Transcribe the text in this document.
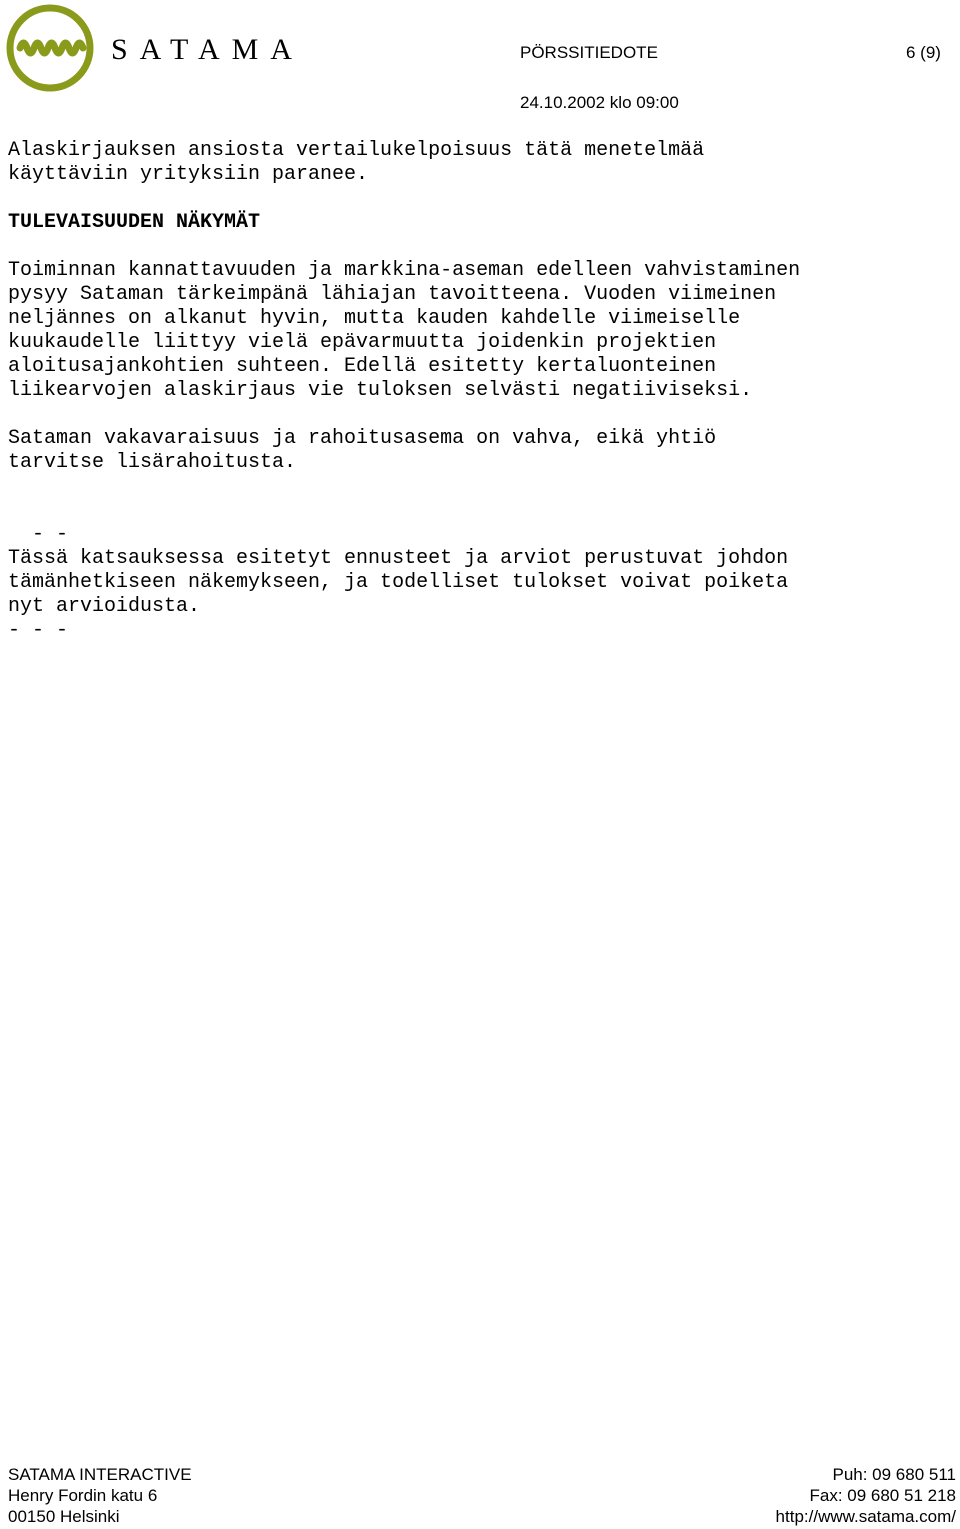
SATAMA	PÖRSSITIEDOTE	6 (9)
24.10.2002 klo 09:00

Alaskirjauksen ansiosta vertailukelpoisuus tätä menetelmää

käyttäviin yrityksiin paranee.

TULEVAISUUDEN NÄKYMÄT

Toiminnan kannattavuuden ja markkina-aseman edelleen vahvistaminen

pysyy Sataman tärkeimpänä lähiajan tavoitteena. Vuoden viimeinen

neljännes on alkanut hyvin, mutta kauden kahdelle viimeiselle

kuukaudelle liittyy vielä epävarmuutta joidenkin projektien

aloitusajankohtien suhteen. Edellä esitetty kertaluonteinen

liikearvojen alaskirjaus vie tuloksen selvästi negatiiviseksi.

Sataman vakavaraisuus ja rahoitusasema on vahva, eikä yhtiö

tarvitse lisärahoitusta.

- -

Tässä katsauksessa esitetyt ennusteet ja arviot perustuvat johdon

tämänhetkiseen näkemykseen, ja todelliset tulokset voivat poiketa

nyt arvioidusta.

- - -

SATAMA INTERACTIVE
Henry Fordin katu 6
00150 Helsinki
Puh: 09 680 511
Fax: 09 680 51 218
http://www.satama.com/
